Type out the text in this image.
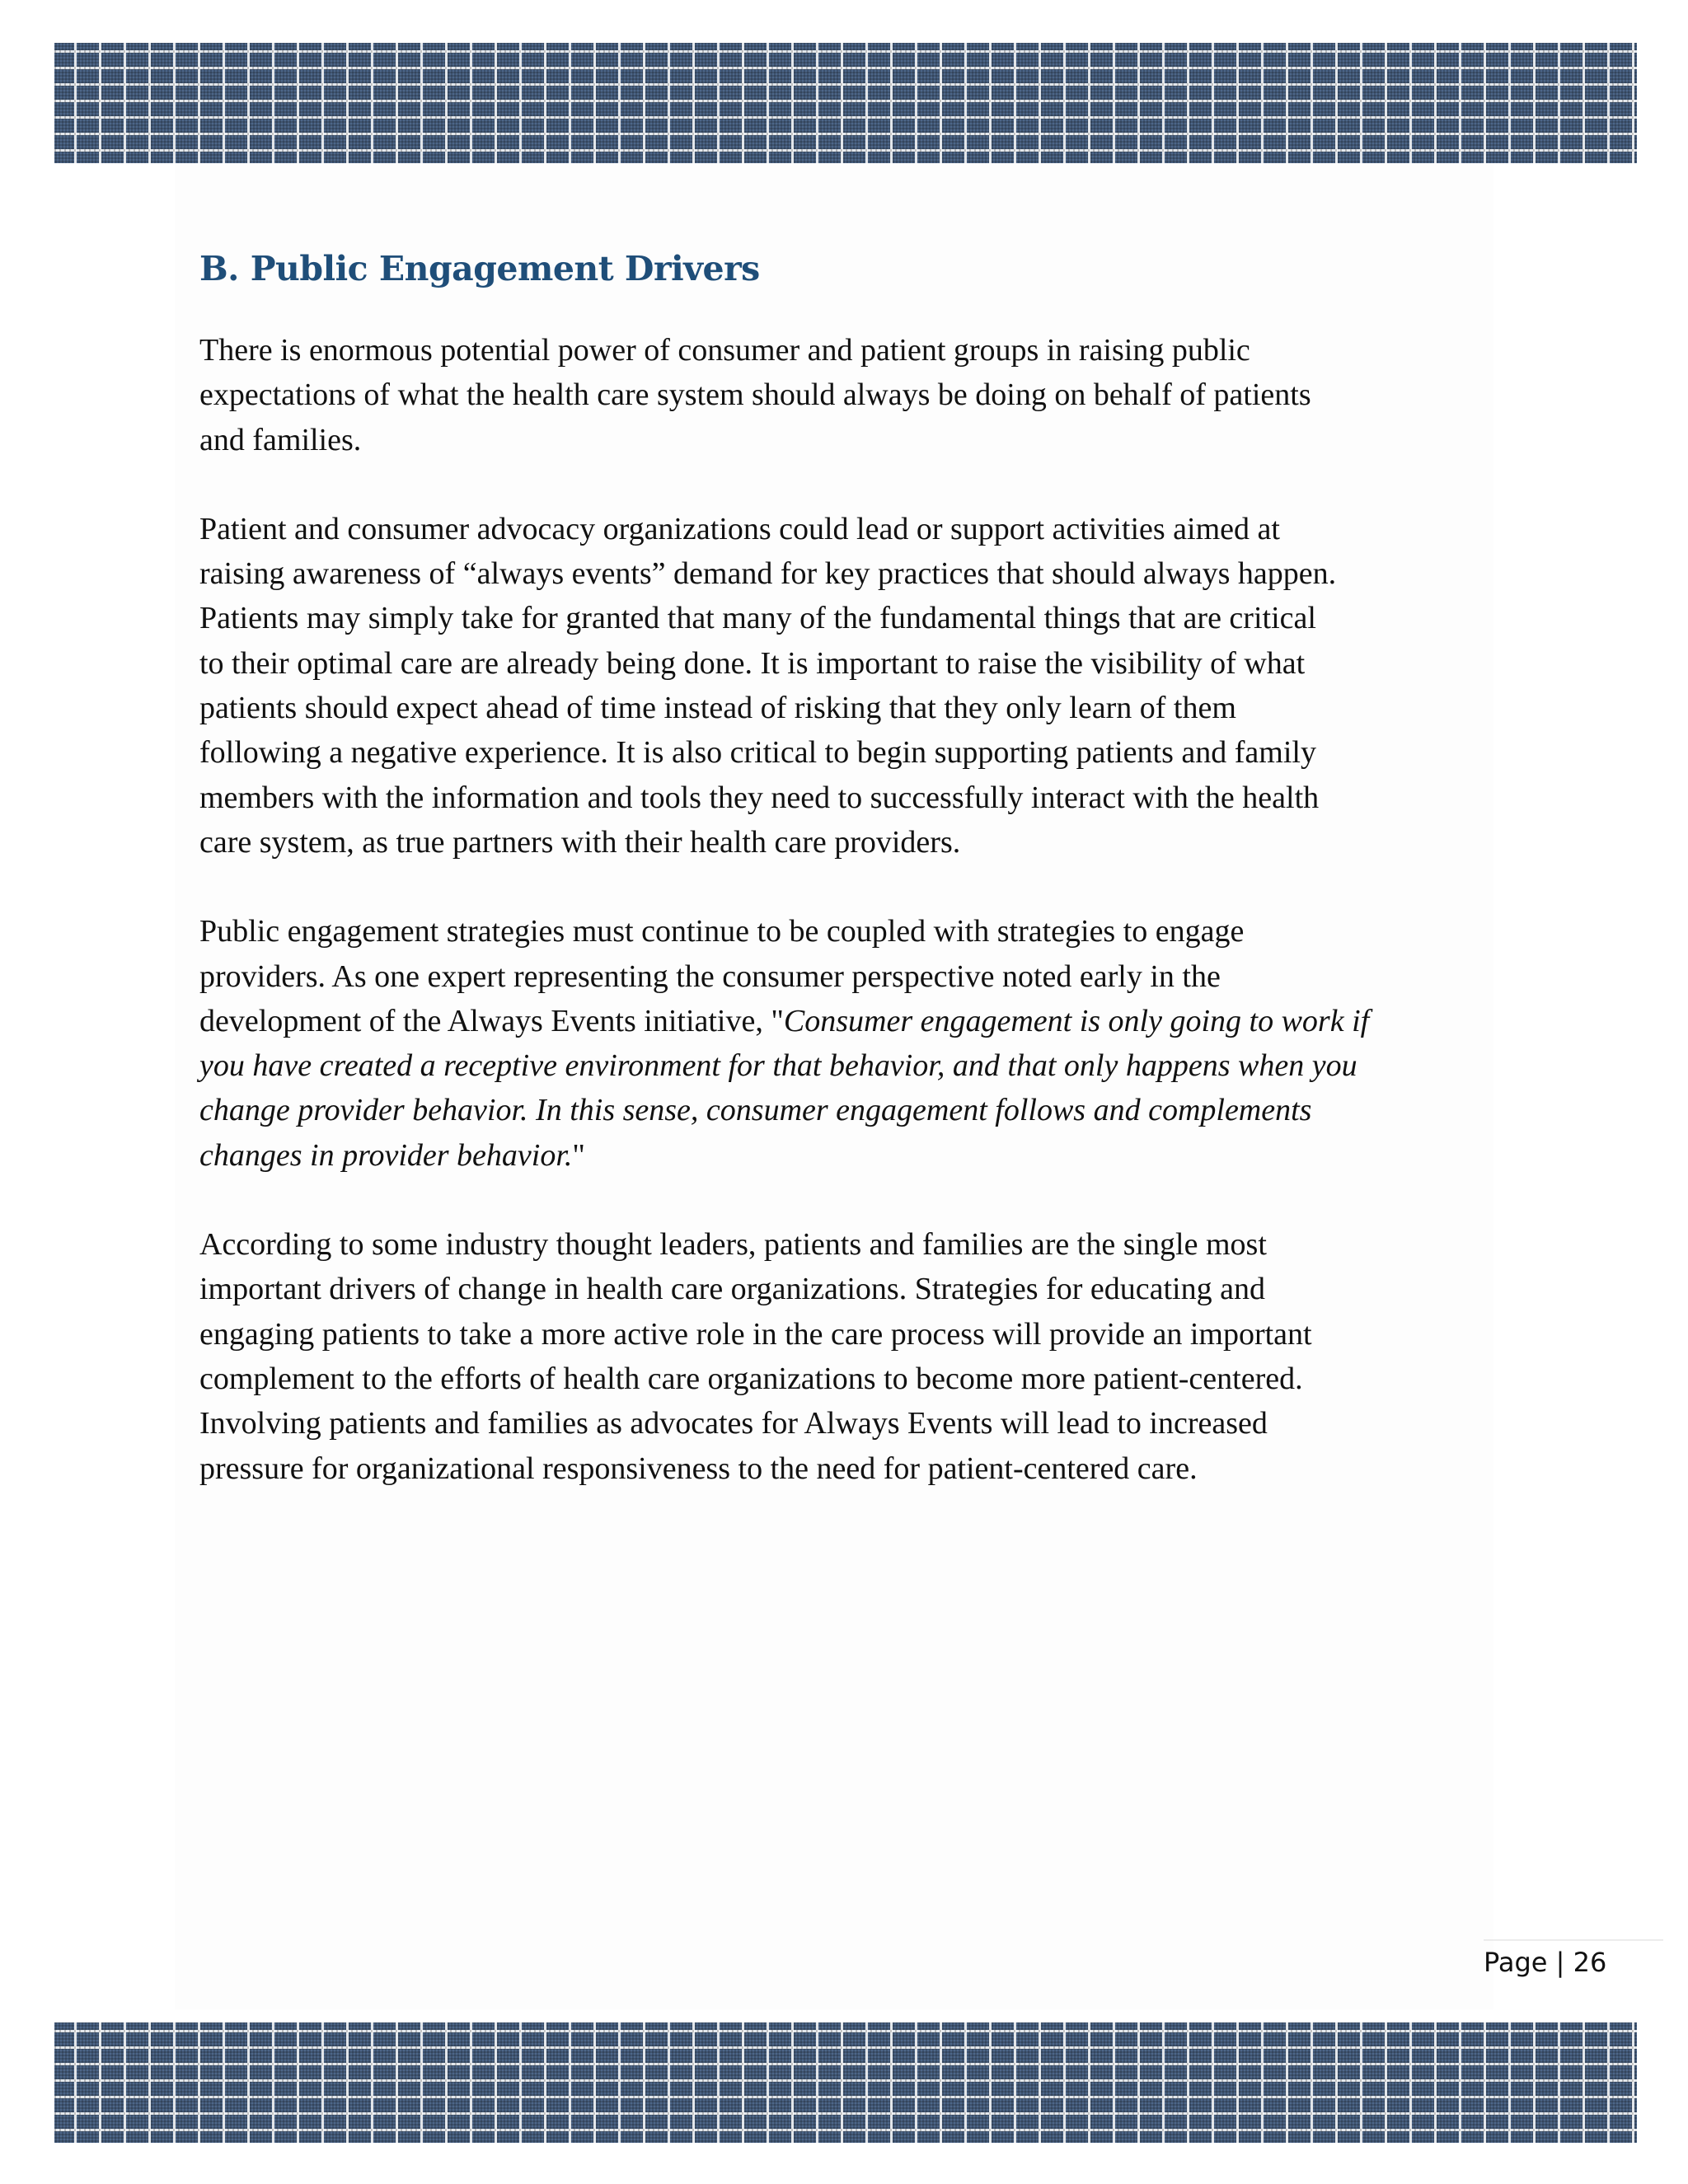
B. Public Engagement Drivers

There is enormous potential power of consumer and patient groups in raising public
expectations of what the health care system should always be doing on behalf of patients
and families.

Patient and consumer advocacy organizations could lead or support activities aimed at
raising awareness of “always events” demand for key practices that should always happen.
Patients may simply take for granted that many of the fundamental things that are critical
to their optimal care are already being done. It is important to raise the visibility of what
patients should expect ahead of time instead of risking that they only learn of them
following a negative experience. It is also critical to begin supporting patients and family
members with the information and tools they need to successfully interact with the health
care system, as true partners with their health care providers.

Public engagement strategies must continue to be coupled with strategies to engage
providers. As one expert representing the consumer perspective noted early in the
development of the Always Events initiative, "Consumer engagement is only going to work if
you have created a receptive environment for that behavior, and that only happens when you
change provider behavior. In this sense, consumer engagement follows and complements
changes in provider behavior."

According to some industry thought leaders, patients and families are the single most
important drivers of change in health care organizations. Strategies for educating and
engaging patients to take a more active role in the care process will provide an important
complement to the efforts of health care organizations to become more patient-centered.
Involving patients and families as advocates for Always Events will lead to increased
pressure for organizational responsiveness to the need for patient-centered care.

Page | 26
